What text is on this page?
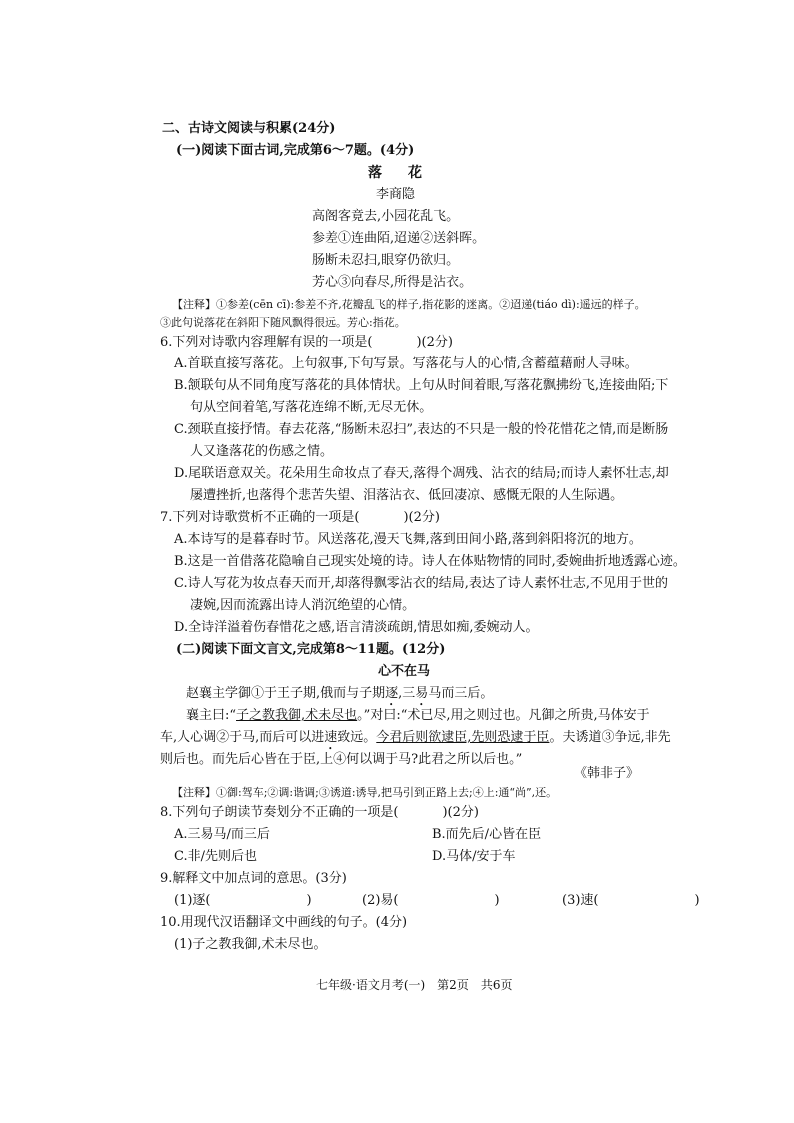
二、古诗文阅读与积累(24分)
(一)阅读下面古词,完成第6～7题。(4分)
落花
李商隐
高阁客竟去,小园花乱飞。
参差①连曲陌,迢递②送斜晖。
肠断未忍扫,眼穿仍欲归。
芳心③向春尽,所得是沾衣。
【注释】①参差(cēn cī):参差不齐,花瓣乱飞的样子,指花影的迷离。②迢递(tiáo dì):遥远的样子。
③此句说落花在斜阳下随风飘得很远。芳心:指花。
6.下列对诗歌内容理解有误的一项是(	)(2分)
A.首联直接写落花。上句叙事,下句写景。写落花与人的心情,含蓄蕴藉耐人寻味。
B.颔联句从不同角度写落花的具体情状。上句从时间着眼,写落花飘拂纷飞,连接曲陌;下
句从空间着笔,写落花连绵不断,无尽无休。
C.颈联直接抒情。春去花落,“肠断未忍扫”,表达的不只是一般的怜花惜花之情,而是断肠
人又逢落花的伤感之情。
D.尾联语意双关。花朵用生命妆点了春天,落得个凋残、沾衣的结局;而诗人素怀壮志,却
屡遭挫折,也落得个悲苦失望、泪落沾衣、低回凄凉、感慨无限的人生际遇。
7.下列对诗歌赏析不正确的一项是(	)(2分)
A.本诗写的是暮春时节。风送落花,漫天飞舞,落到田间小路,落到斜阳将沉的地方。
B.这是一首借落花隐喻自己现实处境的诗。诗人在体贴物情的同时,委婉曲折地透露心迹。
C.诗人写花为妆点春天而开,却落得飘零沾衣的结局,表达了诗人素怀壮志,不见用于世的
凄婉,因而流露出诗人消沉绝望的心情。
D.全诗洋溢着伤春惜花之感,语言清淡疏朗,情思如痴,委婉动人。
(二)阅读下面文言文,完成第8～11题。(12分)
心不在马
赵襄主学御①于王子期,俄而与子期逐,三易马而三后。
襄主曰:“子之教我御,术未尽也。”对曰:“术已尽,用之则过也。凡御之所贵,马体安于
车,人心调②于马,而后可以进速致远。今君后则欲逮臣,先则恐逮于臣。夫诱道③争远,非先
则后也。而先后心皆在于臣,上④何以调于马?此君之所以后也。”
《韩非子》
【注释】①御:驾车;②调:谐调;③诱道:诱导,把马引到正路上去;④上:通“尚”,还。
8.下列句子朗读节奏划分不正确的一项是(	)(2分)
A.三易马/而三后	B.而先后/心皆在臣
C.非/先则后也	D.马体/安于车
9.解释文中加点词的意思。(3分)
(1)逐(	)	(2)易(	)	(3)速(	)
10.用现代汉语翻译文中画线的句子。(4分)
(1)子之教我御,术未尽也。
七年级·语文月考(一)　第2页　共6页
